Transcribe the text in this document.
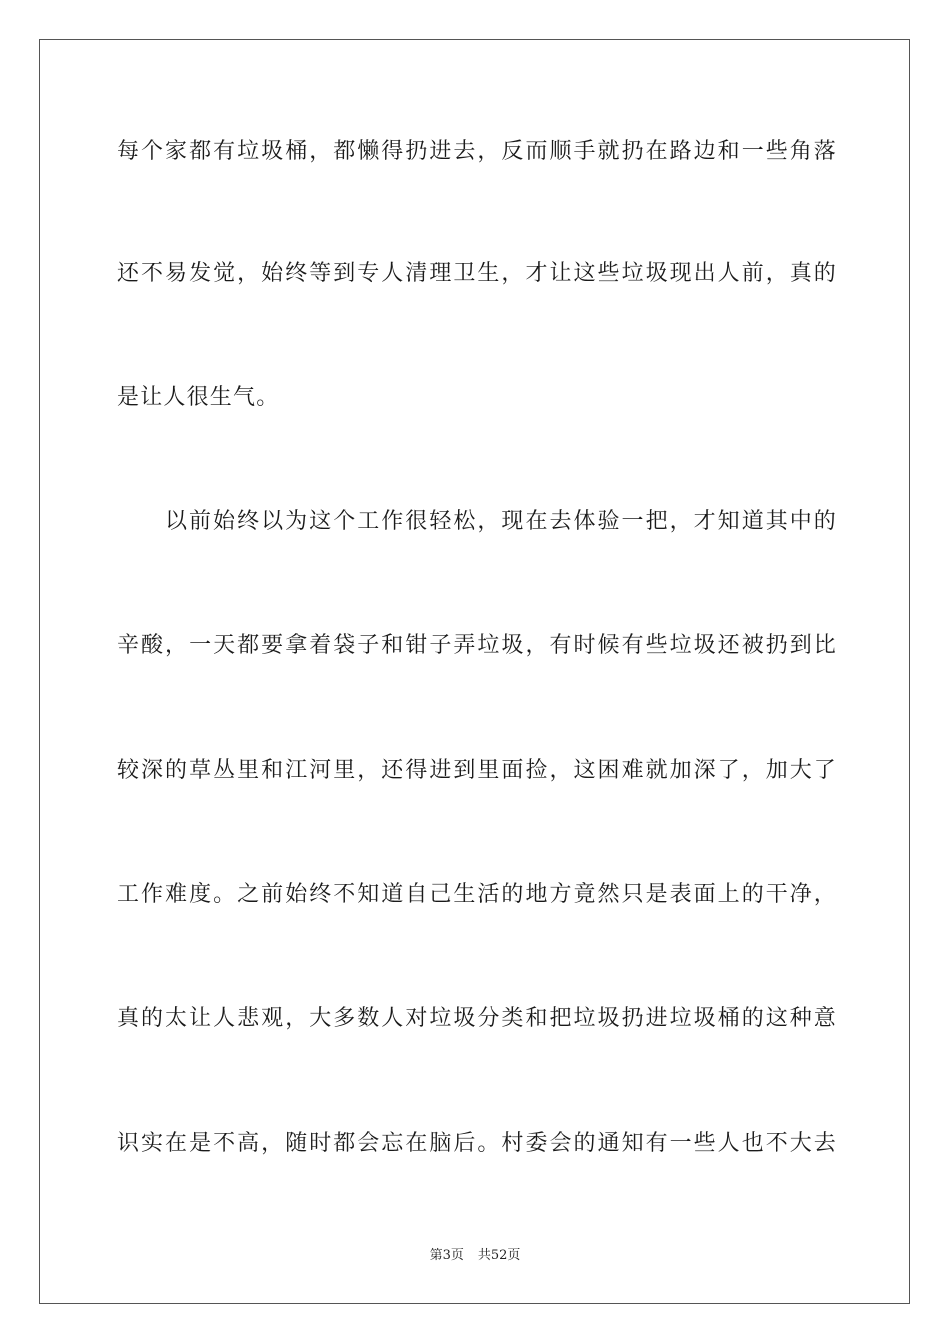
每个家都有垃圾桶，都懒得扔进去，反而顺手就扔在路边和一些角落
还不易发觉，始终等到专人清理卫生，才让这些垃圾现出人前，真的
是让人很生气。
以前始终以为这个工作很轻松，现在去体验一把，才知道其中的
辛酸，一天都要拿着袋子和钳子弄垃圾，有时候有些垃圾还被扔到比
较深的草丛里和江河里，还得进到里面捡，这困难就加深了，加大了
工作难度。之前始终不知道自己生活的地方竟然只是表面上的干净，
真的太让人悲观，大多数人对垃圾分类和把垃圾扔进垃圾桶的这种意
识实在是不高，随时都会忘在脑后。村委会的通知有一些人也不大去
第3页 共52页
